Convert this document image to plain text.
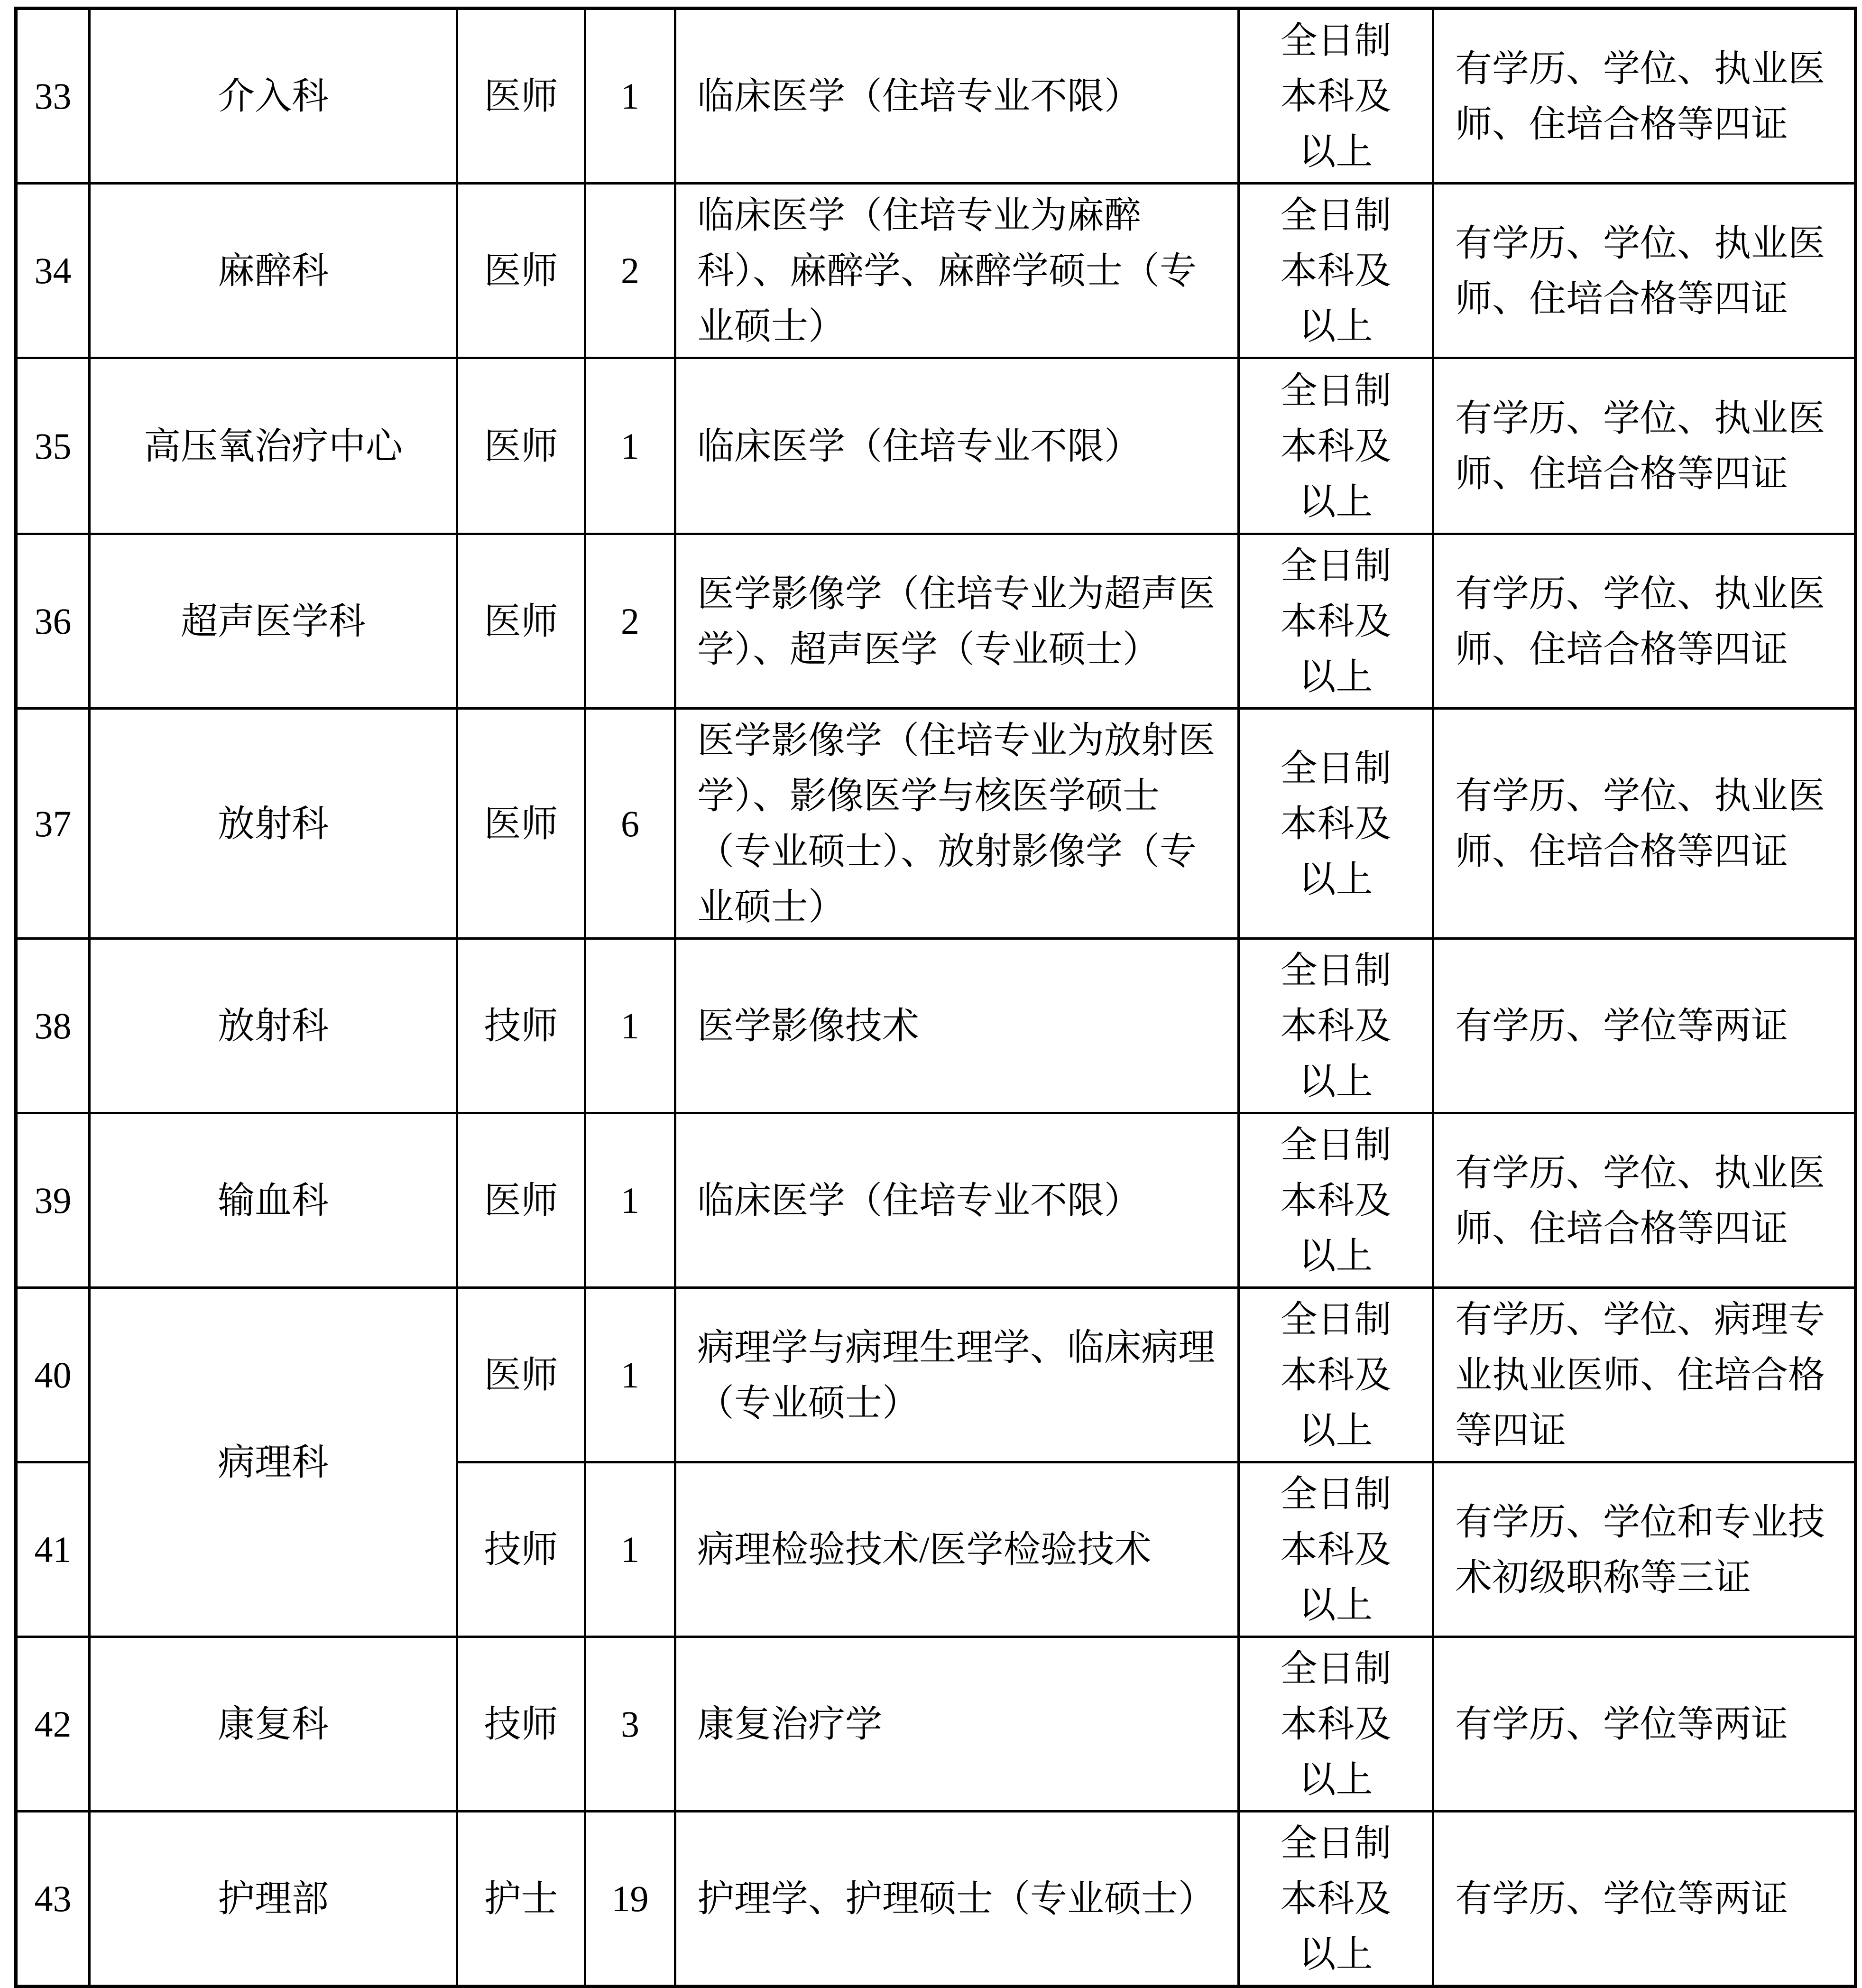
33	介入科	医师	1	临床医学（住培专业不限）	全日制本科及以上	有学历、学位、执业医师、住培合格等四证
34	麻醉科	医师	2	临床医学（住培专业为麻醉科）、麻醉学、麻醉学硕士（专业硕士）	全日制本科及以上	有学历、学位、执业医师、住培合格等四证
35	高压氧治疗中心	医师	1	临床医学（住培专业不限）	全日制本科及以上	有学历、学位、执业医师、住培合格等四证
36	超声医学科	医师	2	医学影像学（住培专业为超声医学）、超声医学（专业硕士）	全日制本科及以上	有学历、学位、执业医师、住培合格等四证
37	放射科	医师	6	医学影像学（住培专业为放射医学）、影像医学与核医学硕士（专业硕士）、放射影像学（专业硕士）	全日制本科及以上	有学历、学位、执业医师、住培合格等四证
38	放射科	技师	1	医学影像技术	全日制本科及以上	有学历、学位等两证
39	输血科	医师	1	临床医学（住培专业不限）	全日制本科及以上	有学历、学位、执业医师、住培合格等四证
40	病理科	医师	1	病理学与病理生理学、临床病理（专业硕士）	全日制本科及以上	有学历、学位、病理专业执业医师、住培合格等四证
41		技师	1	病理检验技术/医学检验技术	全日制本科及以上	有学历、学位和专业技术初级职称等三证
42	康复科	技师	3	康复治疗学	全日制本科及以上	有学历、学位等两证
43	护理部	护士	19	护理学、护理硕士（专业硕士）	全日制本科及以上	有学历、学位等两证
